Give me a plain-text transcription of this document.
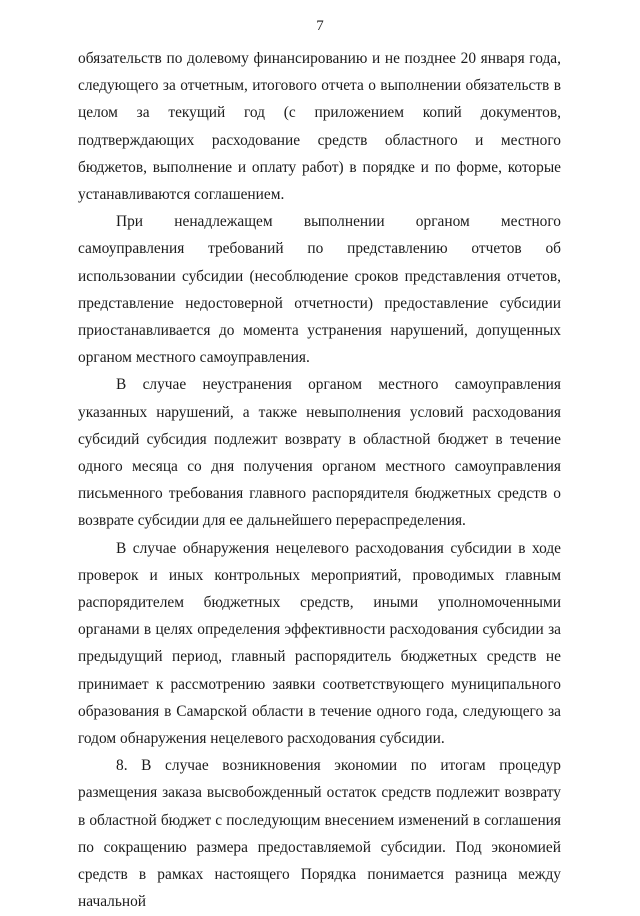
7

обязательств по долевому финансированию и не позднее 20 января года, следующего за отчетным, итогового отчета о выполнении обязательств в целом за текущий год (с приложением копий документов, подтверждающих расходование средств областного и местного бюджетов, выполнение и оплату работ) в порядке и по форме, которые устанавливаются соглашением.

При ненадлежащем выполнении органом местного самоуправления требований по представлению отчетов об использовании субсидии (несоблюдение сроков представления отчетов, представление недостоверной отчетности) предоставление субсидии приостанавливается до момента устранения нарушений, допущенных органом местного самоуправления.

В случае неустранения органом местного самоуправления указанных нарушений, а также невыполнения условий расходования субсидий субсидия подлежит возврату в областной бюджет в течение одного месяца со дня получения органом местного самоуправления письменного требования главного распорядителя бюджетных средств о возврате субсидии для ее дальнейшего перераспределения.

В случае обнаружения нецелевого расходования субсидии в ходе проверок и иных контрольных мероприятий, проводимых главным распорядителем бюджетных средств, иными уполномоченными органами в целях определения эффективности расходования субсидии за предыдущий период, главный распорядитель бюджетных средств не принимает к рассмотрению заявки соответствующего муниципального образования в Самарской области в течение одного года, следующего за годом обнаружения нецелевого расходования субсидии.

8. В случае возникновения экономии по итогам процедур размещения заказа высвобожденный остаток средств подлежит возврату в областной бюджет с последующим внесением изменений в соглашения по сокращению размера предоставляемой субсидии. Под экономией средств в рамках настоящего Порядка понимается разница между начальной
